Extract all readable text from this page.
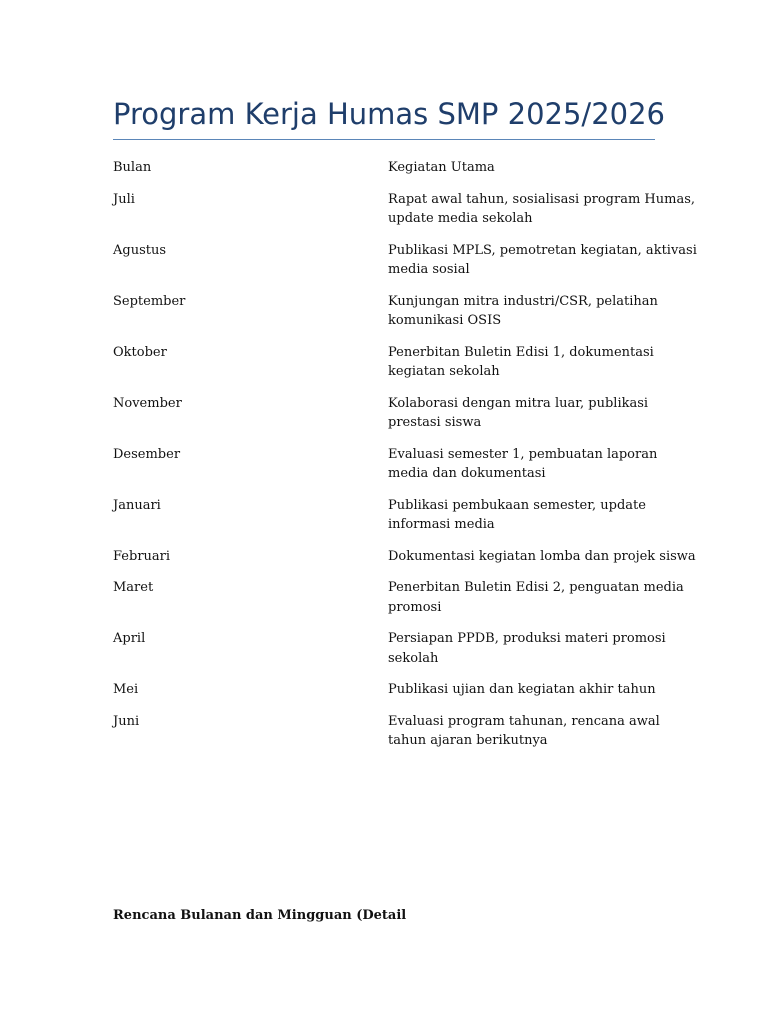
Program Kerja Humas SMP 2025/2026
Bulan	Kegiatan Utama
Juli	Rapat awal tahun, sosialisasi program Humas, update media sekolah
Agustus	Publikasi MPLS, pemotretan kegiatan, aktivasi media sosial
September	Kunjungan mitra industri/CSR, pelatihan komunikasi OSIS
Oktober	Penerbitan Buletin Edisi 1, dokumentasi kegiatan sekolah
November	Kolaborasi dengan mitra luar, publikasi prestasi siswa
Desember	Evaluasi semester 1, pembuatan laporan media dan dokumentasi
Januari	Publikasi pembukaan semester, update informasi media
Februari	Dokumentasi kegiatan lomba dan projek siswa
Maret	Penerbitan Buletin Edisi 2, penguatan media promosi
April	Persiapan PPDB, produksi materi promosi sekolah
Mei	Publikasi ujian dan kegiatan akhir tahun
Juni	Evaluasi program tahunan, rencana awal tahun ajaran berikutnya

Rencana Bulanan dan Mingguan (Detail
